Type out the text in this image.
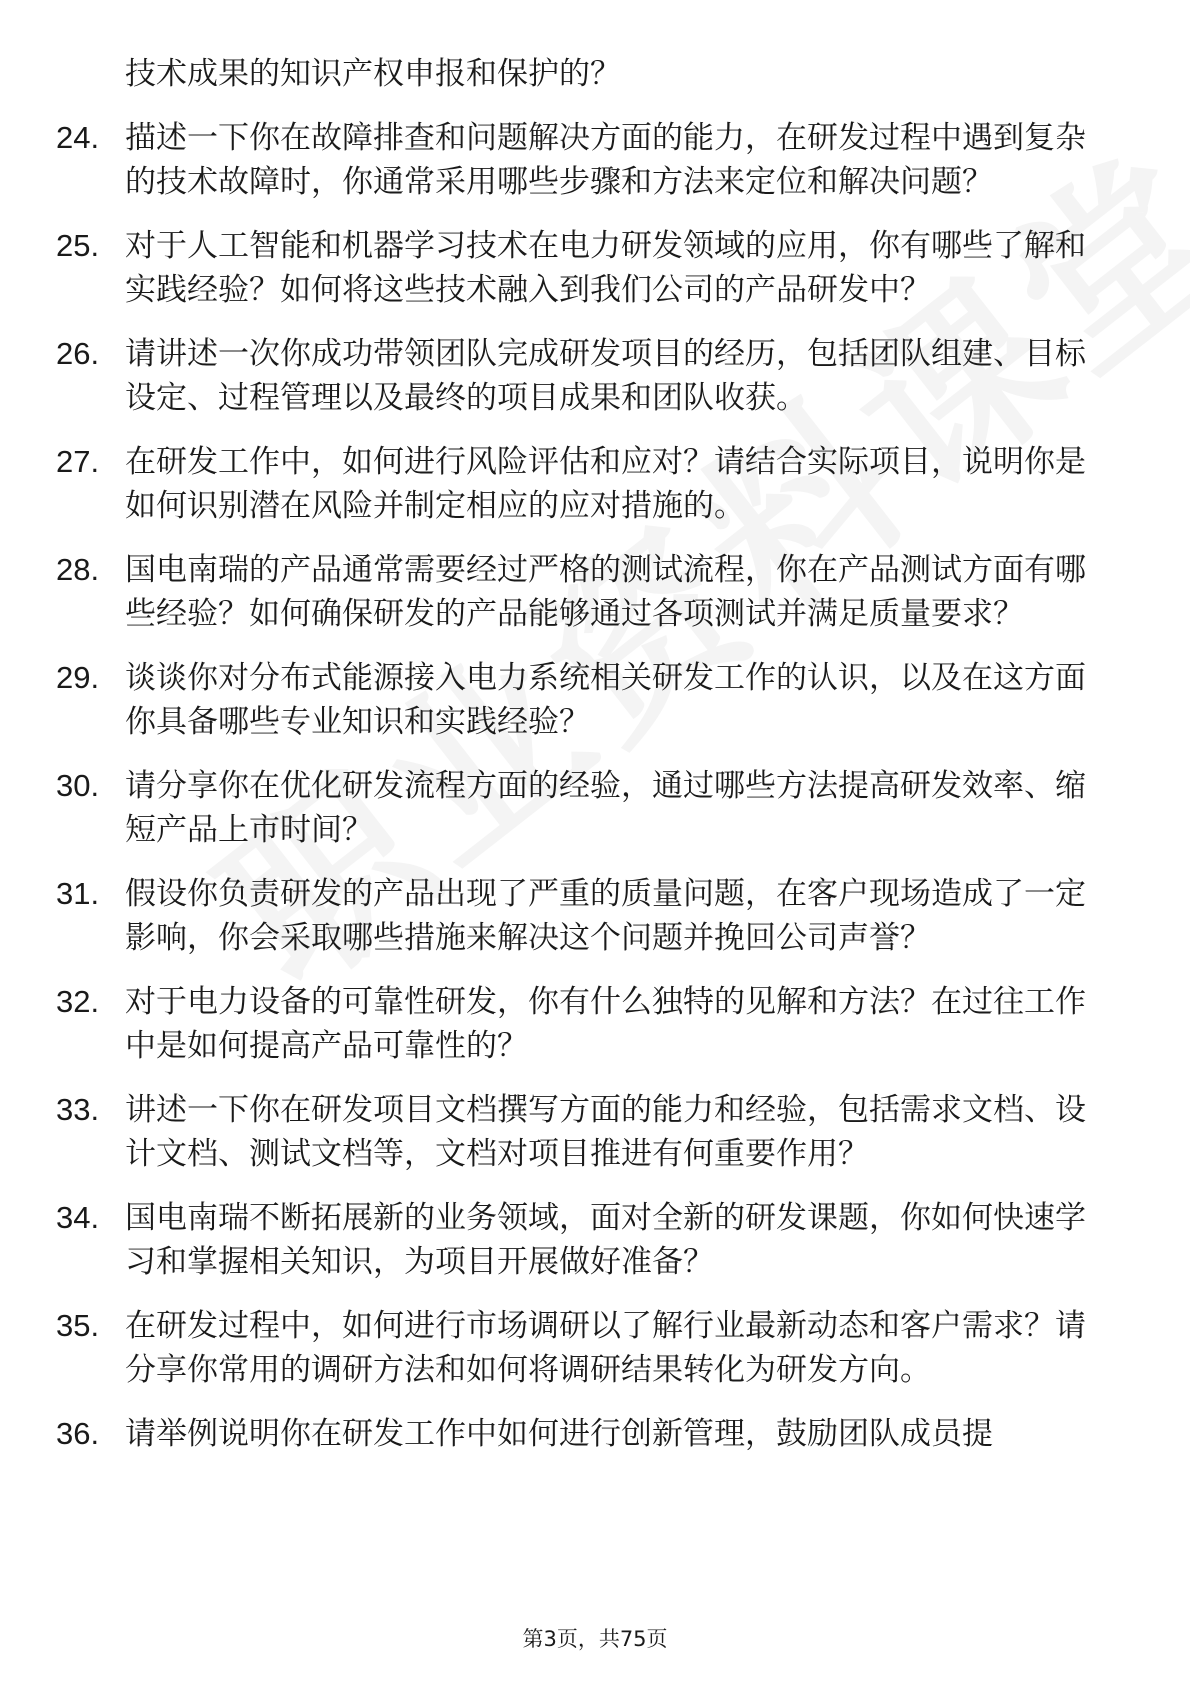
技术成果的知识产权申报和保护的？
24. 描述一下你在故障排查和问题解决方面的能力，在研发过程中遇到复杂的技术故障时，你通常采用哪些步骤和方法来定位和解决问题？
25. 对于人工智能和机器学习技术在电力研发领域的应用，你有哪些了解和实践经验？如何将这些技术融入到我们公司的产品研发中？
26. 请讲述一次你成功带领团队完成研发项目的经历，包括团队组建、目标设定、过程管理以及最终的项目成果和团队收获。
27. 在研发工作中，如何进行风险评估和应对？请结合实际项目，说明你是如何识别潜在风险并制定相应的应对措施的。
28. 国电南瑞的产品通常需要经过严格的测试流程，你在产品测试方面有哪些经验？如何确保研发的产品能够通过各项测试并满足质量要求？
29. 谈谈你对分布式能源接入电力系统相关研发工作的认识，以及在这方面你具备哪些专业知识和实践经验？
30. 请分享你在优化研发流程方面的经验，通过哪些方法提高研发效率、缩短产品上市时间？
31. 假设你负责研发的产品出现了严重的质量问题，在客户现场造成了一定影响，你会采取哪些措施来解决这个问题并挽回公司声誉？
32. 对于电力设备的可靠性研发，你有什么独特的见解和方法？在过往工作中是如何提高产品可靠性的？
33. 讲述一下你在研发项目文档撰写方面的能力和经验，包括需求文档、设计文档、测试文档等，文档对项目推进有何重要作用？
34. 国电南瑞不断拓展新的业务领域，面对全新的研发课题，你如何快速学习和掌握相关知识，为项目开展做好准备？
35. 在研发过程中，如何进行市场调研以了解行业最新动态和客户需求？请分享你常用的调研方法和如何将调研结果转化为研发方向。
36. 请举例说明你在研发工作中如何进行创新管理，鼓励团队成员提
第3页，共75页
